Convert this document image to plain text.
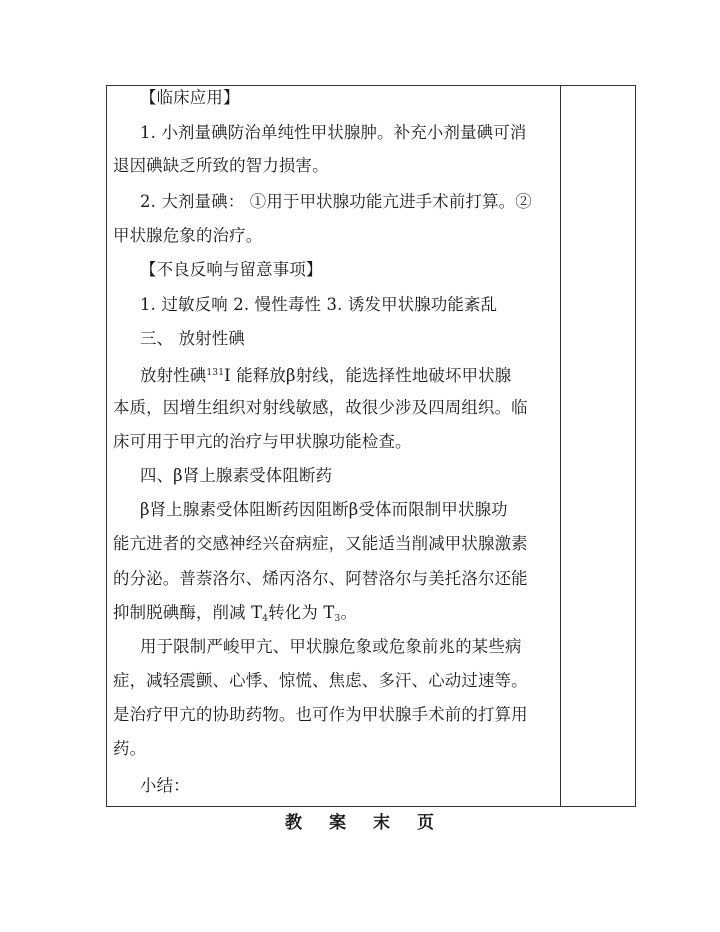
【临床应用】
1. 小剂量碘防治单纯性甲状腺肿。补充小剂量碘可消
退因碘缺乏所致的智力损害。
2. 大剂量碘： ①用于甲状腺功能亢进手术前打算。②
甲状腺危象的治疗。
【不良反响与留意事项】
1. 过敏反响 2. 慢性毒性 3. 诱发甲状腺功能紊乱
三、 放射性碘
放射性碘$^{131}$I 能释放β射线，能选择性地破坏甲状腺
本质，因增生组织对射线敏感，故很少涉及四周组织。临
床可用于甲亢的治疗与甲状腺功能检查。
四、β肾上腺素受体阻断药
β肾上腺素受体阻断药因阻断β受体而限制甲状腺功
能亢进者的交感神经兴奋病症，又能适当削减甲状腺激素
的分泌。普萘洛尔、烯丙洛尔、阿替洛尔与美托洛尔还能
抑制脱碘酶，削减 $T_4$转化为 $T_3$。
用于限制严峻甲亢、甲状腺危象或危象前兆的某些病
症，减轻震颤、心悸、惊慌、焦虑、多汗、心动过速等。
是治疗甲亢的协助药物。也可作为甲状腺手术前的打算用
药。
小结：
教 案 末 页
